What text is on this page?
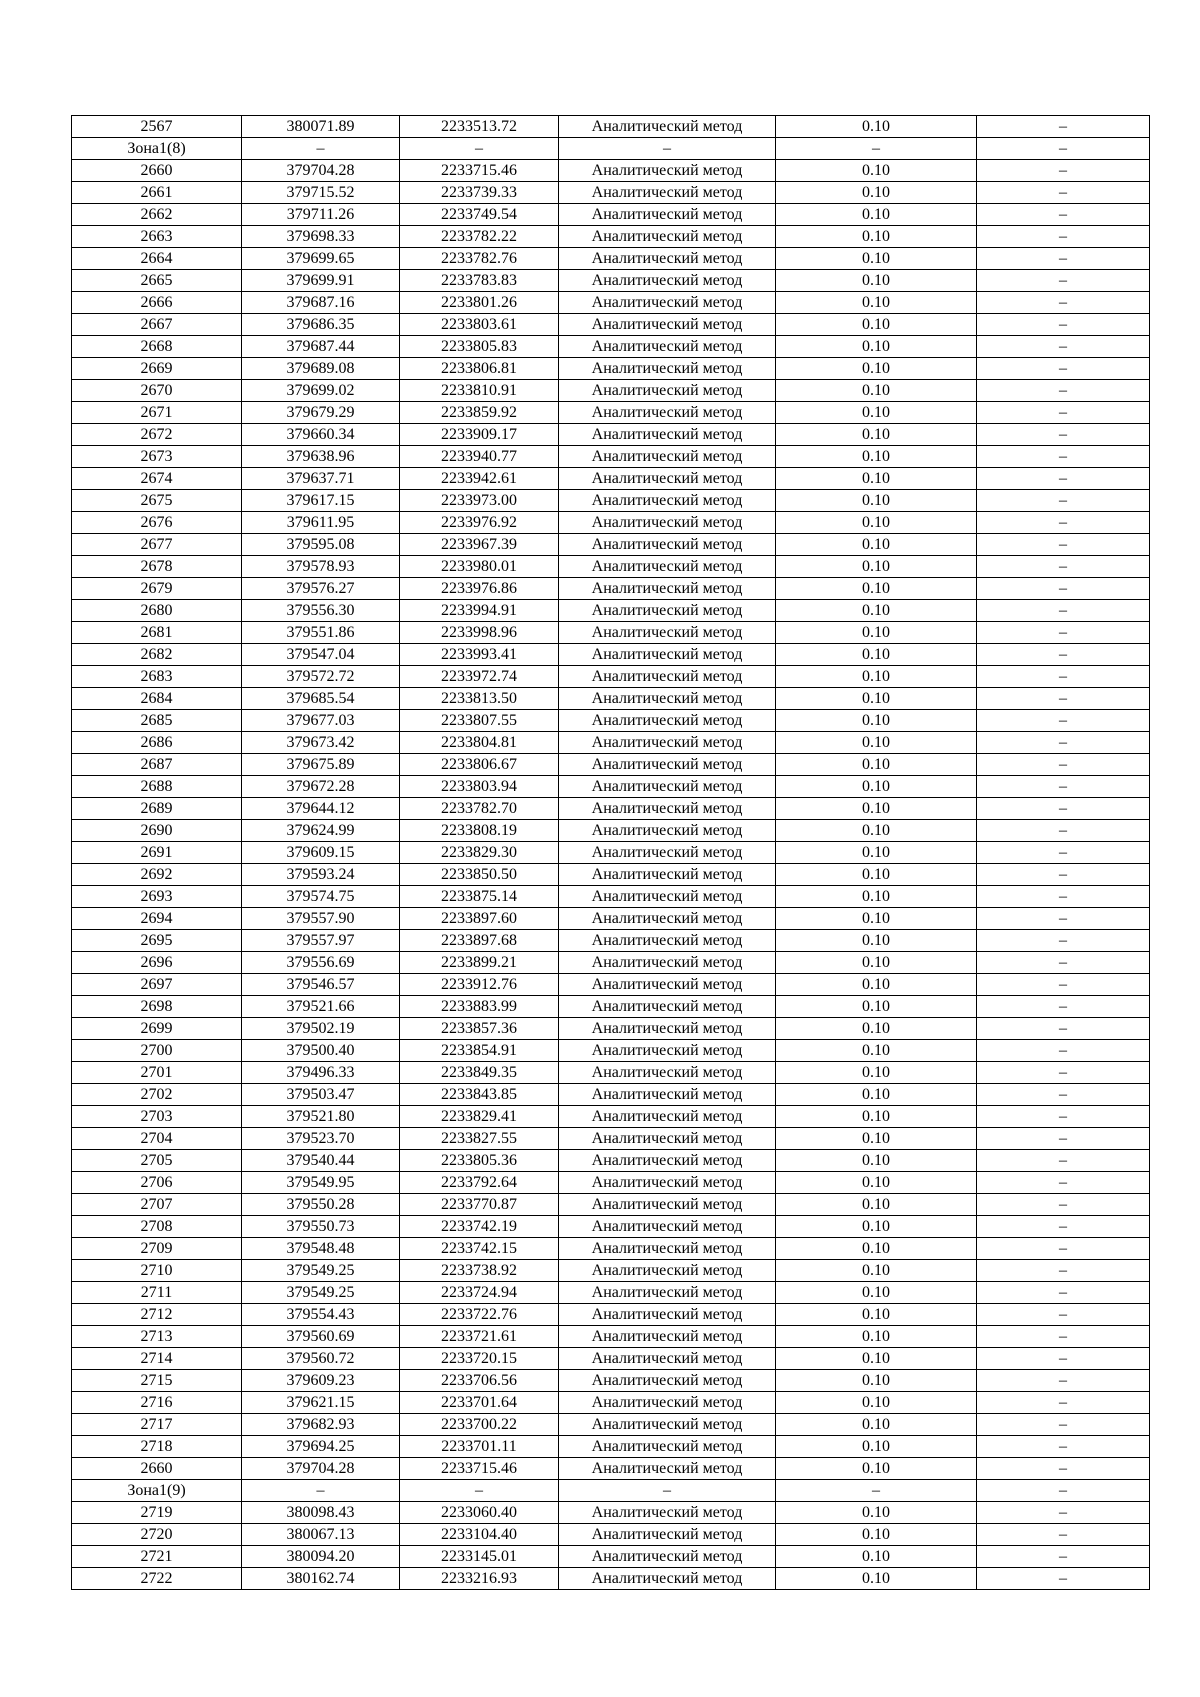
2567	380071.89	2233513.72	Аналитический метод	0.10	–
Зона1(8)	–	–	–	–	–
2660	379704.28	2233715.46	Аналитический метод	0.10	–
2661	379715.52	2233739.33	Аналитический метод	0.10	–
2662	379711.26	2233749.54	Аналитический метод	0.10	–
2663	379698.33	2233782.22	Аналитический метод	0.10	–
2664	379699.65	2233782.76	Аналитический метод	0.10	–
2665	379699.91	2233783.83	Аналитический метод	0.10	–
2666	379687.16	2233801.26	Аналитический метод	0.10	–
2667	379686.35	2233803.61	Аналитический метод	0.10	–
2668	379687.44	2233805.83	Аналитический метод	0.10	–
2669	379689.08	2233806.81	Аналитический метод	0.10	–
2670	379699.02	2233810.91	Аналитический метод	0.10	–
2671	379679.29	2233859.92	Аналитический метод	0.10	–
2672	379660.34	2233909.17	Аналитический метод	0.10	–
2673	379638.96	2233940.77	Аналитический метод	0.10	–
2674	379637.71	2233942.61	Аналитический метод	0.10	–
2675	379617.15	2233973.00	Аналитический метод	0.10	–
2676	379611.95	2233976.92	Аналитический метод	0.10	–
2677	379595.08	2233967.39	Аналитический метод	0.10	–
2678	379578.93	2233980.01	Аналитический метод	0.10	–
2679	379576.27	2233976.86	Аналитический метод	0.10	–
2680	379556.30	2233994.91	Аналитический метод	0.10	–
2681	379551.86	2233998.96	Аналитический метод	0.10	–
2682	379547.04	2233993.41	Аналитический метод	0.10	–
2683	379572.72	2233972.74	Аналитический метод	0.10	–
2684	379685.54	2233813.50	Аналитический метод	0.10	–
2685	379677.03	2233807.55	Аналитический метод	0.10	–
2686	379673.42	2233804.81	Аналитический метод	0.10	–
2687	379675.89	2233806.67	Аналитический метод	0.10	–
2688	379672.28	2233803.94	Аналитический метод	0.10	–
2689	379644.12	2233782.70	Аналитический метод	0.10	–
2690	379624.99	2233808.19	Аналитический метод	0.10	–
2691	379609.15	2233829.30	Аналитический метод	0.10	–
2692	379593.24	2233850.50	Аналитический метод	0.10	–
2693	379574.75	2233875.14	Аналитический метод	0.10	–
2694	379557.90	2233897.60	Аналитический метод	0.10	–
2695	379557.97	2233897.68	Аналитический метод	0.10	–
2696	379556.69	2233899.21	Аналитический метод	0.10	–
2697	379546.57	2233912.76	Аналитический метод	0.10	–
2698	379521.66	2233883.99	Аналитический метод	0.10	–
2699	379502.19	2233857.36	Аналитический метод	0.10	–
2700	379500.40	2233854.91	Аналитический метод	0.10	–
2701	379496.33	2233849.35	Аналитический метод	0.10	–
2702	379503.47	2233843.85	Аналитический метод	0.10	–
2703	379521.80	2233829.41	Аналитический метод	0.10	–
2704	379523.70	2233827.55	Аналитический метод	0.10	–
2705	379540.44	2233805.36	Аналитический метод	0.10	–
2706	379549.95	2233792.64	Аналитический метод	0.10	–
2707	379550.28	2233770.87	Аналитический метод	0.10	–
2708	379550.73	2233742.19	Аналитический метод	0.10	–
2709	379548.48	2233742.15	Аналитический метод	0.10	–
2710	379549.25	2233738.92	Аналитический метод	0.10	–
2711	379549.25	2233724.94	Аналитический метод	0.10	–
2712	379554.43	2233722.76	Аналитический метод	0.10	–
2713	379560.69	2233721.61	Аналитический метод	0.10	–
2714	379560.72	2233720.15	Аналитический метод	0.10	–
2715	379609.23	2233706.56	Аналитический метод	0.10	–
2716	379621.15	2233701.64	Аналитический метод	0.10	–
2717	379682.93	2233700.22	Аналитический метод	0.10	–
2718	379694.25	2233701.11	Аналитический метод	0.10	–
2660	379704.28	2233715.46	Аналитический метод	0.10	–
Зона1(9)	–	–	–	–	–
2719	380098.43	2233060.40	Аналитический метод	0.10	–
2720	380067.13	2233104.40	Аналитический метод	0.10	–
2721	380094.20	2233145.01	Аналитический метод	0.10	–
2722	380162.74	2233216.93	Аналитический метод	0.10	–
